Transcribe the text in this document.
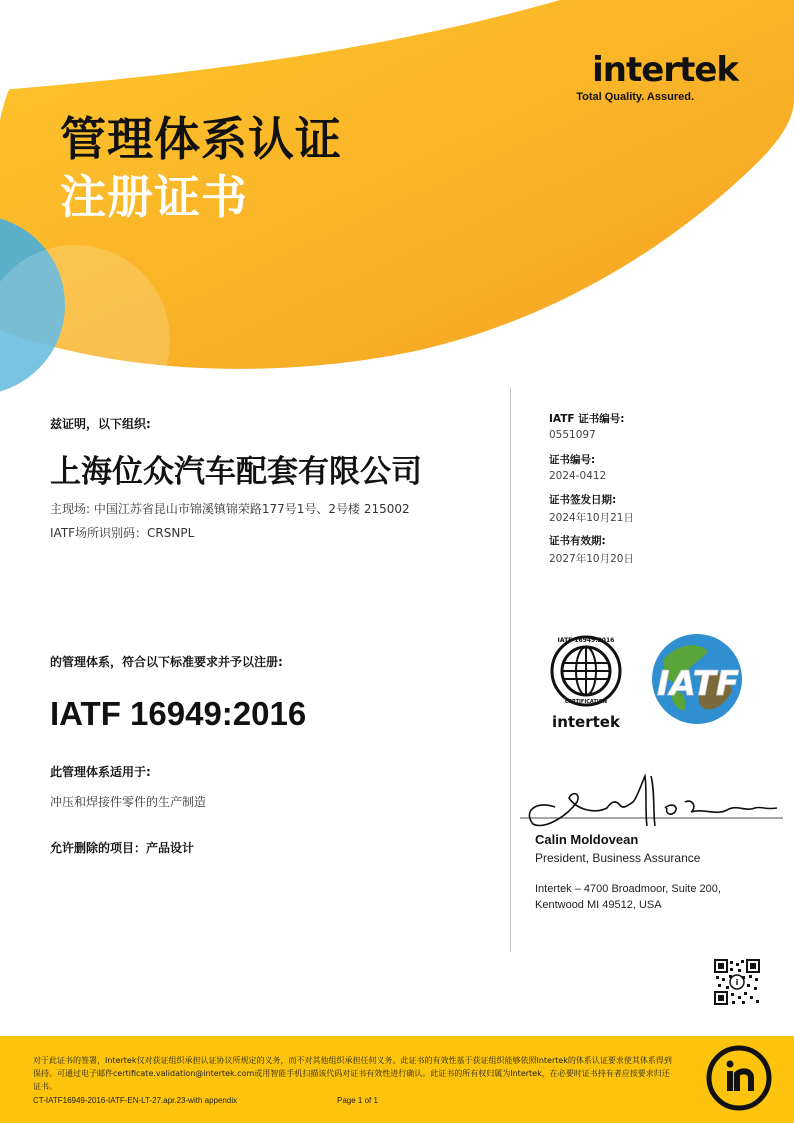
intertek
Total Quality. Assured.
管理体系认证
注册证书
兹证明，以下组织:
上海位众汽车配套有限公司
主现场: 中国江苏省昆山市锦溪镇锦荣路177号1号、2号楼 215002
IATF场所识别码：CRSNPL
的管理体系，符合以下标准要求并予以注册:
IATF 16949:2016
此管理体系适用于:
冲压和焊接件零件的生产制造
允许删除的项目：产品设计
IATF 证书编号:
0551097
证书编号:
2024-0412
证书签发日期:
2024年10月21日
证书有效期:
2027年10月20日
IATF 16949:2016
CERTIFICATION
intertek
IATF
Calin Moldovean
President, Business Assurance
Intertek – 4700 Broadmoor, Suite 200,
Kentwood MI 49512, USA
i
对于此证书的签署，Intertek仅对获证组织承担认证协议所规定的义务，而不对其他组织承担任何义务。此证书的有效性基于获证组织能够依照Intertek的体系认证要求使其体系得到保持。可通过电子邮件certificate.validation@intertek.com或用智能手机扫描该代码对证书有效性进行确认。此证书的所有权归属为Intertek，在必要时证书持有者应按要求归还证书。
CT-IATF16949-2016-IATF-EN-LT-27.apr.23-with appendix	Page 1 of 1
